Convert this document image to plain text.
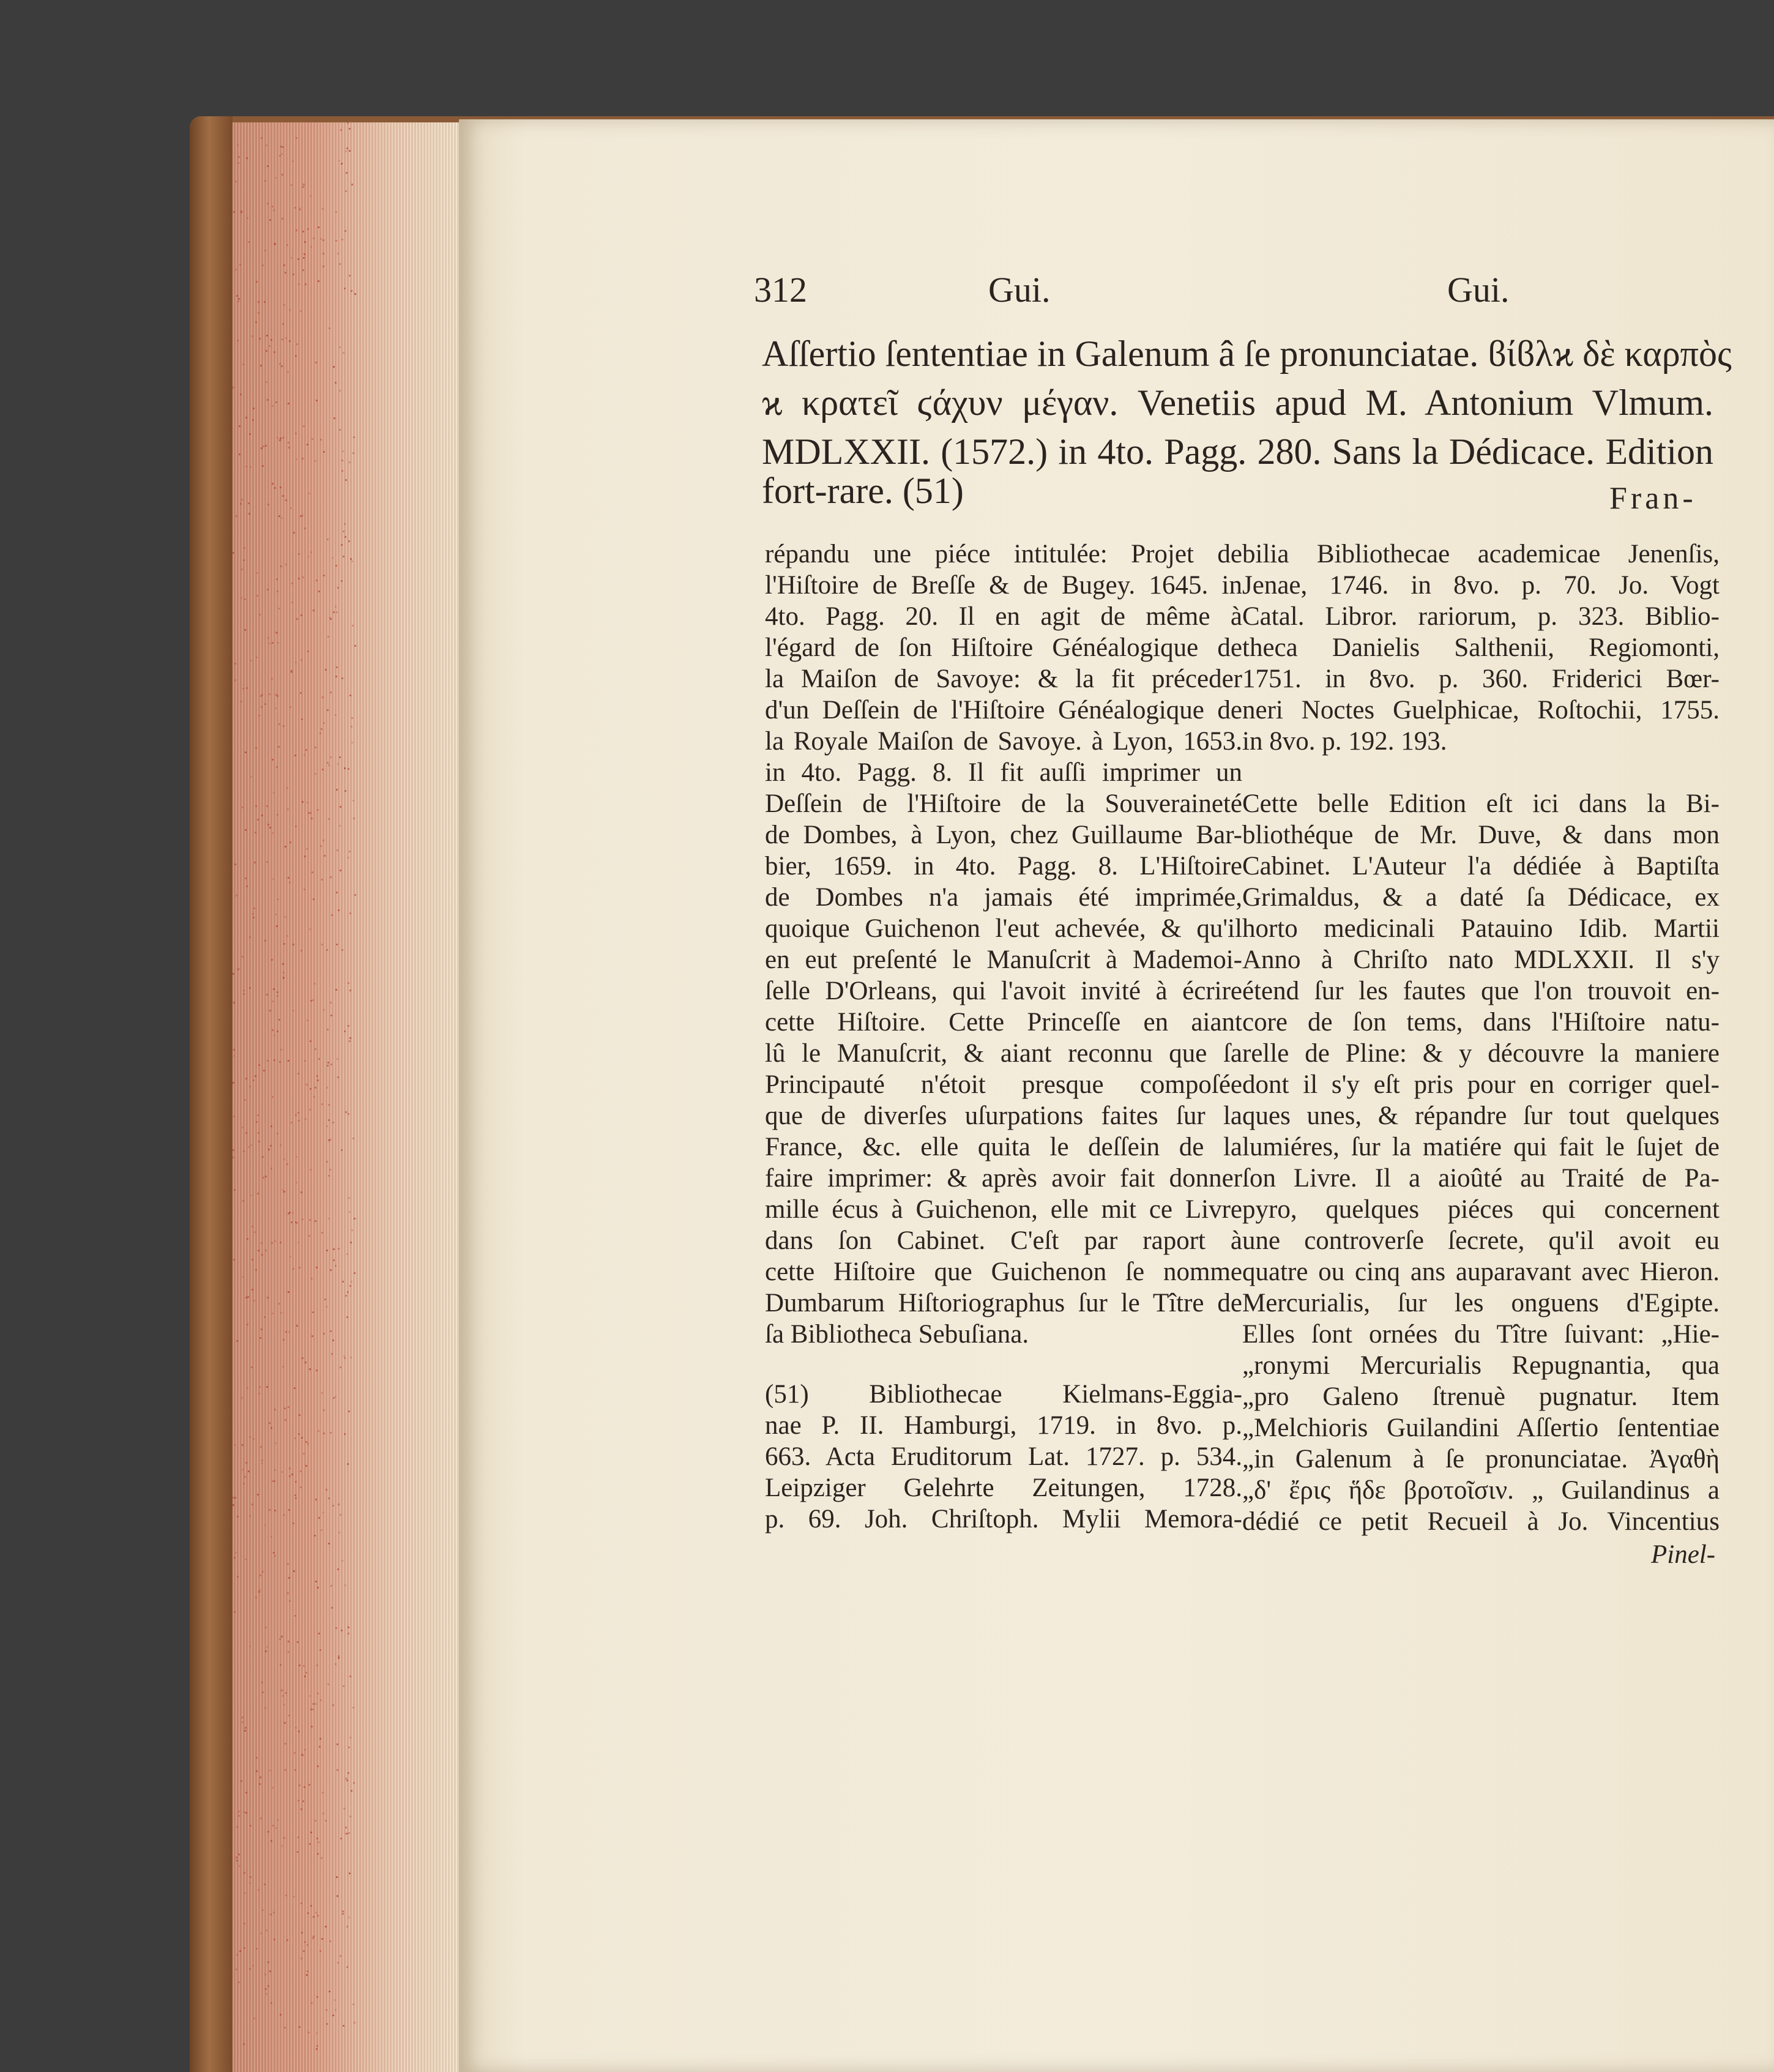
312	Gui.	Gui.
Aſſertio ſententiae in Galenum â ſe pronunciatae. ϐίϐλϰ δὲ καρπὸς
ϰ κρατεῖ ϛάχυν μέγαν. Venetiis apud M. Antonium Vlmum.
MDLXXII. (1572.) in 4to. Pagg. 280. Sans la Dédicace. Edition
fort-rare. (51)	Fran-
répandu une piéce intitulée: Projet de
l'Hiſtoire de Breſſe & de Bugey. 1645. in
4to. Pagg. 20. Il en agit de même à
l'égard de ſon Hiſtoire Généalogique de
la Maiſon de Savoye: & la fit préceder
d'un Deſſein de l'Hiſtoire Généalogique de
la Royale Maiſon de Savoye. à Lyon, 1653.
in 4to. Pagg. 8. Il fit auſſi imprimer un
Deſſein de l'Hiſtoire de la Souveraineté
de Dombes, à Lyon, chez Guillaume Bar-
bier, 1659. in 4to. Pagg. 8. L'Hiſtoire
de Dombes n'a jamais été imprimée,
quoique Guichenon l'eut achevée, & qu'il
en eut preſenté le Manuſcrit à Mademoi-
ſelle D'Orleans, qui l'avoit invité à écrire
cette Hiſtoire. Cette Princeſſe en aiant
lû le Manuſcrit, & aiant reconnu que ſa
Principauté n'étoit presque compoſée
que de diverſes uſurpations faites ſur la
France, &c. elle quita le deſſein de la
faire imprimer: & après avoir fait donner
mille écus à Guichenon, elle mit ce Livre
dans ſon Cabinet. C'eſt par raport à
cette Hiſtoire que Guichenon ſe nomme
Dumbarum Hiſtoriographus ſur le Tître de
ſa Bibliotheca Sebuſiana.
(51) Bibliothecae Kielmans-Eggia-
nae P. II. Hamburgi, 1719. in 8vo. p.
663. Acta Eruditorum Lat. 1727. p. 534.
Leipziger Gelehrte Zeitungen, 1728.
p. 69. Joh. Chriſtoph. Mylii Memora-
bilia Bibliothecae academicae Jenenſis,
Jenae, 1746. in 8vo. p. 70. Jo. Vogt
Catal. Libror. rariorum, p. 323. Biblio-
theca Danielis Salthenii, Regiomonti,
1751. in 8vo. p. 360. Friderici Bœr-
neri Noctes Guelphicae, Roſtochii, 1755.
in 8vo. p. 192. 193.
Cette belle Edition eſt ici dans la Bi-
bliothéque de Mr. Duve, & dans mon
Cabinet. L'Auteur l'a dédiée à Baptiſta
Grimaldus, & a daté ſa Dédicace, ex
horto medicinali Patauino Idib. Martii
Anno à Chriſto nato MDLXXII. Il s'y
étend ſur les fautes que l'on trouvoit en-
core de ſon tems, dans l'Hiſtoire natu-
relle de Pline: & y découvre la maniere
dont il s'y eſt pris pour en corriger quel-
ques unes, & répandre ſur tout quelques
lumiéres, ſur la matiére qui fait le ſujet de
ſon Livre. Il a aioûté au Traité de Pa-
pyro, quelques piéces qui concernent
une controverſe ſecrete, qu'il avoit eu
quatre ou cinq ans auparavant avec Hieron.
Mercurialis, ſur les onguens d'Egipte.
Elles ſont ornées du Tître ſuivant: „Hie-
„ronymi Mercurialis Repugnantia, qua
„pro Galeno ſtrenuè pugnatur. Item
„Melchioris Guilandini Aſſertio ſententiae
„in Galenum à ſe pronunciatae. Ἀγαθὴ
„δ' ἔρις ἥδε βροτοῖσιν. „ Guilandinus a
dédié ce petit Recueil à Jo. Vincentius
Pinel-
